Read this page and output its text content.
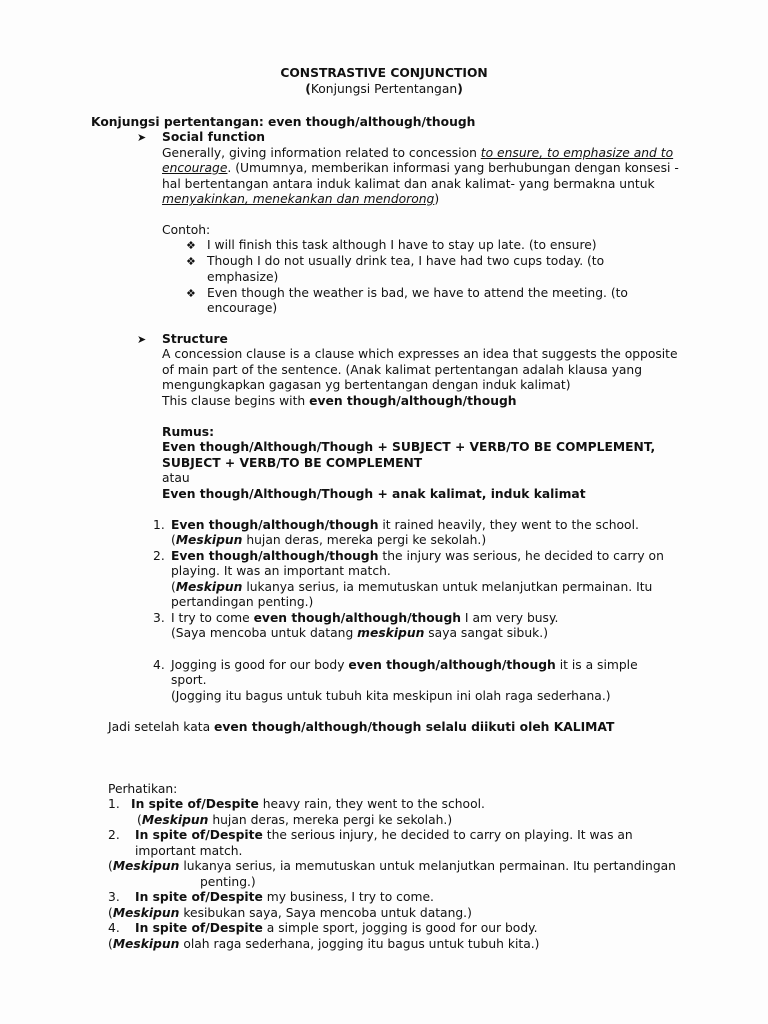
CONSTRASTIVE CONJUNCTION
(Konjungsi Pertentangan)
Konjungsi pertentangan: even though/although/though
➤ Social function
Generally, giving information related to concession to ensure, to emphasize and to
encourage. (Umumnya, memberikan informasi yang berhubungan dengan konsesi -
hal bertentangan antara induk kalimat dan anak kalimat- yang bermakna untuk
menyakinkan, menekankan dan mendorong)
Contoh:
❖ I will finish this task although I have to stay up late. (to ensure)
❖ Though I do not usually drink tea, I have had two cups today. (to
emphasize)
❖ Even though the weather is bad, we have to attend the meeting. (to
encourage)
➤ Structure
A concession clause is a clause which expresses an idea that suggests the opposite
of main part of the sentence. (Anak kalimat pertentangan adalah klausa yang
mengungkapkan gagasan yg bertentangan dengan induk kalimat)
This clause begins with even though/although/though
Rumus:
Even though/Although/Though + SUBJECT + VERB/TO BE COMPLEMENT,
SUBJECT + VERB/TO BE COMPLEMENT
atau
Even though/Although/Though + anak kalimat, induk kalimat
1. Even though/although/though it rained heavily, they went to the school.
(Meskipun hujan deras, mereka pergi ke sekolah.)
2. Even though/although/though the injury was serious, he decided to carry on
playing. It was an important match.
(Meskipun lukanya serius, ia memutuskan untuk melanjutkan permainan. Itu
pertandingan penting.)
3. I try to come even though/although/though I am very busy.
(Saya mencoba untuk datang meskipun saya sangat sibuk.)
4. Jogging is good for our body even though/although/though it is a simple
sport.
(Jogging itu bagus untuk tubuh kita meskipun ini olah raga sederhana.)
Jadi setelah kata even though/although/though selalu diikuti oleh KALIMAT
Perhatikan:
1. In spite of/Despite heavy rain, they went to the school.
(Meskipun hujan deras, mereka pergi ke sekolah.)
2. In spite of/Despite the serious injury, he decided to carry on playing. It was an
important match.
(Meskipun lukanya serius, ia memutuskan untuk melanjutkan permainan. Itu pertandingan
penting.)
3. In spite of/Despite my business, I try to come.
(Meskipun kesibukan saya, Saya mencoba untuk datang.)
4. In spite of/Despite a simple sport, jogging is good for our body.
(Meskipun olah raga sederhana, jogging itu bagus untuk tubuh kita.)
